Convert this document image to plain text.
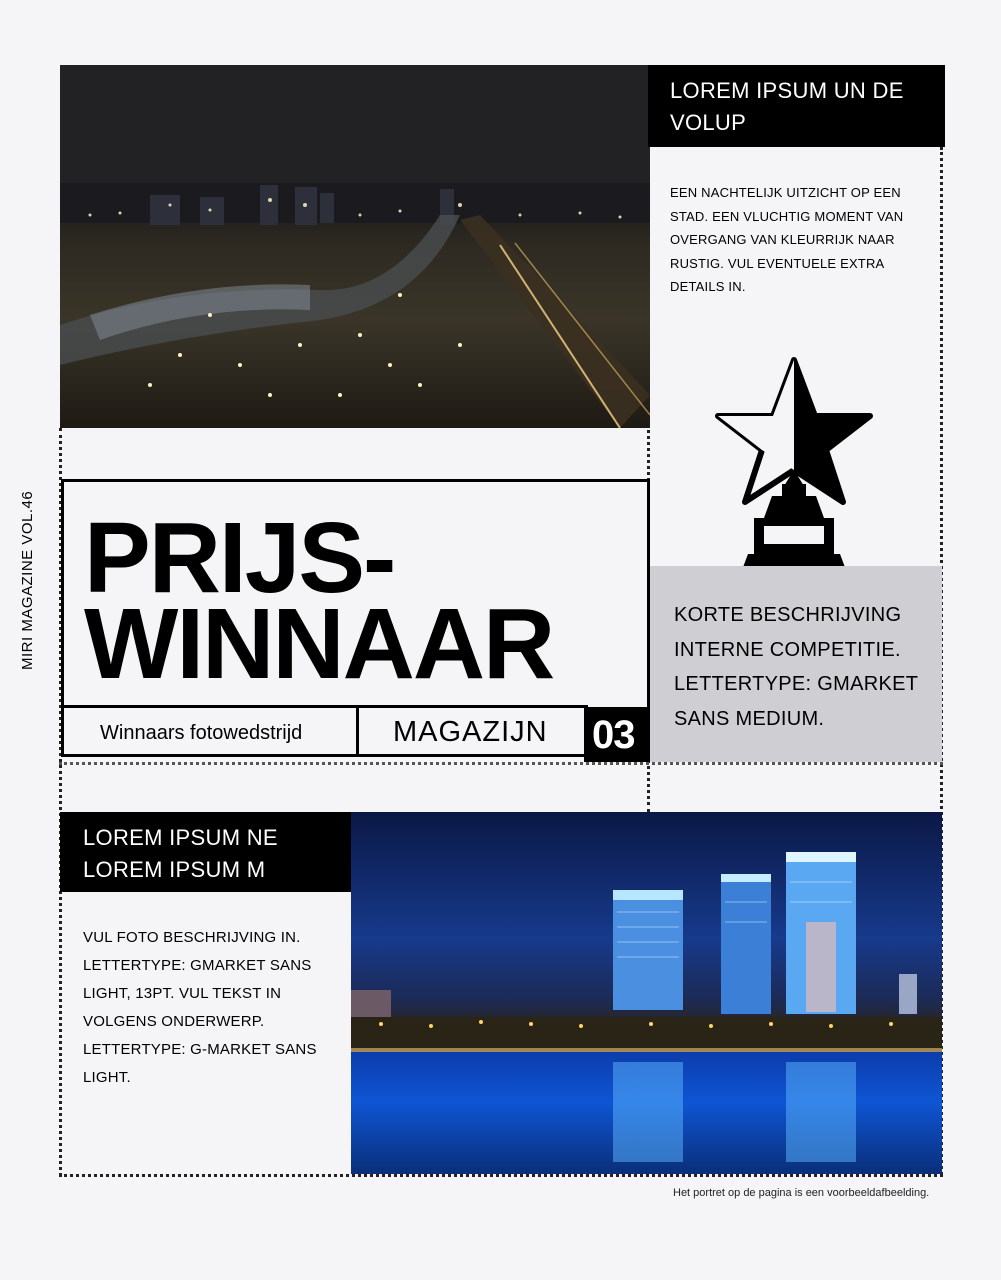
LOREM IPSUM UN DE VOLUP
EEN NACHTELIJK UITZICHT OP EEN STAD. EEN VLUCHTIG MOMENT VAN OVERGANG VAN KLEURRIJK NAAR RUSTIG. VUL EVENTUELE EXTRA DETAILS IN.
KORTE BESCHRIJVING INTERNE COMPETITIE. LETTERTYPE: GMARKET SANS MEDIUM.
MIRI MAGAZINE VOL.46 PRIJS-
WINNAAR
Winnaars fotowedstrijd	MAGAZIJN 03
LOREM IPSUM NE LOREM IPSUM M
VUL FOTO BESCHRIJVING IN. LETTERTYPE: GMARKET SANS LIGHT, 13PT. VUL TEKST IN VOLGENS ONDERWERP. LETTERTYPE: G-MARKET SANS LIGHT.
Het portret op de pagina is een voorbeeldafbeelding.
